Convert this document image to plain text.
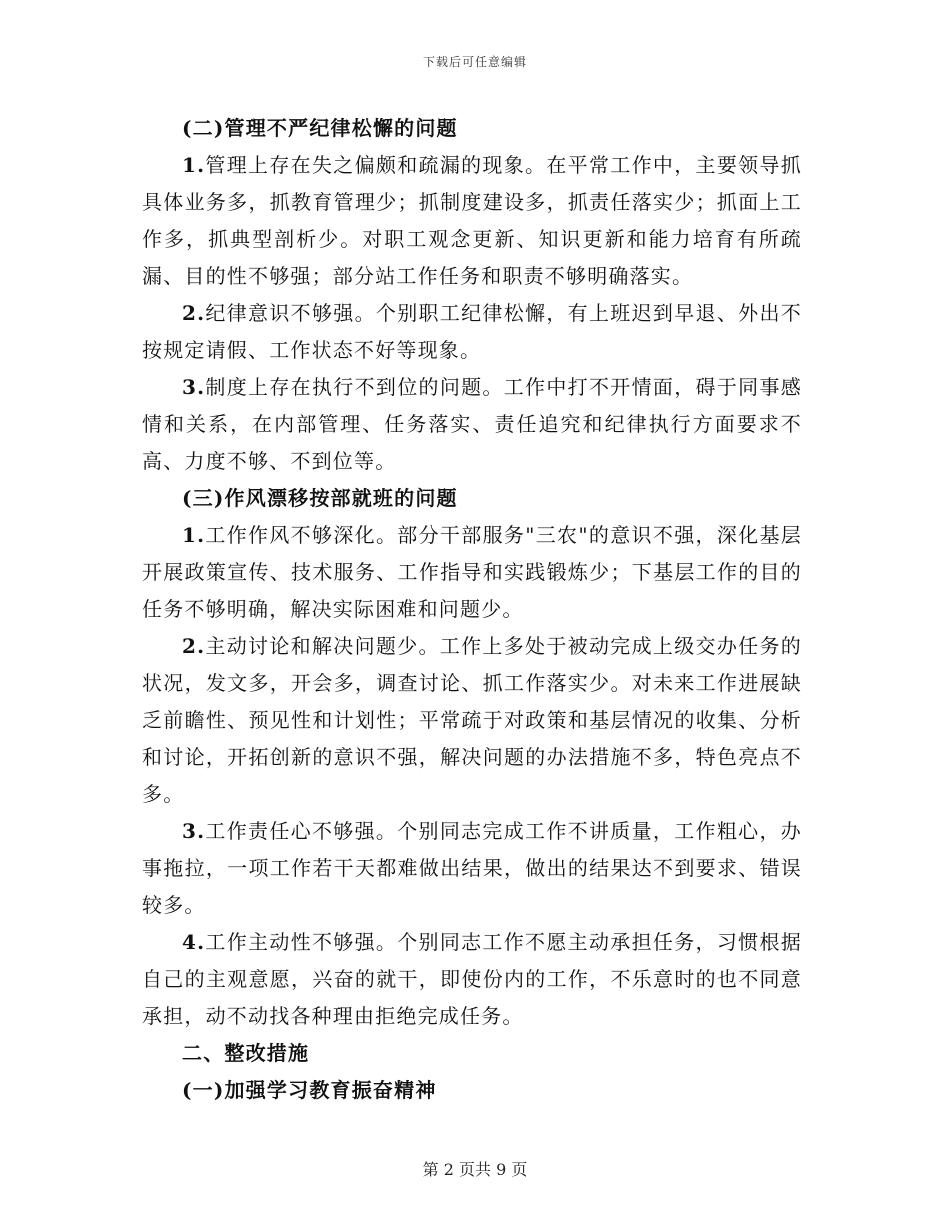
下载后可任意编辑

(二)管理不严纪律松懈的问题

1.管理上存在失之偏颇和疏漏的现象。在平常工作中，主要领导抓具体业务多，抓教育管理少；抓制度建设多，抓责任落实少；抓面上工作多，抓典型剖析少。对职工观念更新、知识更新和能力培育有所疏漏、目的性不够强；部分站工作任务和职责不够明确落实。

2.纪律意识不够强。个别职工纪律松懈，有上班迟到早退、外出不按规定请假、工作状态不好等现象。

3.制度上存在执行不到位的问题。工作中打不开情面，碍于同事感情和关系，在内部管理、任务落实、责任追究和纪律执行方面要求不高、力度不够、不到位等。

(三)作风漂移按部就班的问题

1.工作作风不够深化。部分干部服务"三农"的意识不强，深化基层开展政策宣传、技术服务、工作指导和实践锻炼少；下基层工作的目的任务不够明确，解决实际困难和问题少。

2.主动讨论和解决问题少。工作上多处于被动完成上级交办任务的状况，发文多，开会多，调查讨论、抓工作落实少。对未来工作进展缺乏前瞻性、预见性和计划性；平常疏于对政策和基层情况的收集、分析和讨论，开拓创新的意识不强，解决问题的办法措施不多，特色亮点不多。

3.工作责任心不够强。个别同志完成工作不讲质量，工作粗心，办事拖拉，一项工作若干天都难做出结果，做出的结果达不到要求、错误较多。

4.工作主动性不够强。个别同志工作不愿主动承担任务，习惯根据自己的主观意愿，兴奋的就干，即使份内的工作，不乐意时的也不同意承担，动不动找各种理由拒绝完成任务。

二、整改措施

(一)加强学习教育振奋精神

第 2 页共 9 页
